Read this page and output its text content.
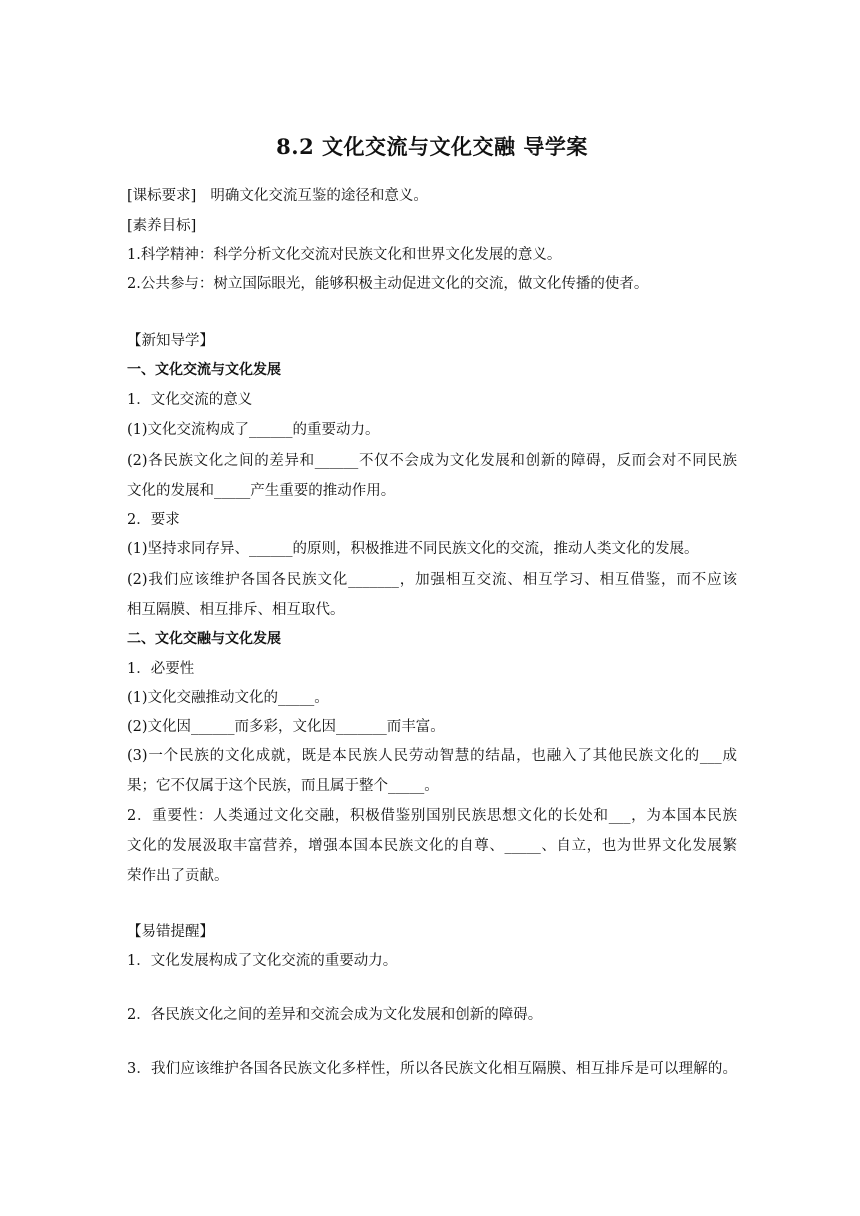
8.2 文化交流与文化交融 导学案
[课标要求] 明确文化交流互鉴的途径和意义。
[素养目标]
1.科学精神：科学分析文化交流对民族文化和世界文化发展的意义。
2.公共参与：树立国际眼光，能够积极主动促进文化的交流，做文化传播的使者。
【新知导学】
一、文化交流与文化发展
1．文化交流的意义
(1)文化交流构成了______的重要动力。
(2)各民族文化之间的差异和______不仅不会成为文化发展和创新的障碍，反而会对不同民族
文化的发展和_____产生重要的推动作用。
2．要求
(1)坚持求同存异、______的原则，积极推进不同民族文化的交流，推动人类文化的发展。
(2)我们应该维护各国各民族文化_______，加强相互交流、相互学习、相互借鉴，而不应该
相互隔膜、相互排斥、相互取代。
二、文化交融与文化发展
1．必要性
(1)文化交融推动文化的_____。
(2)文化因______而多彩，文化因_______而丰富。
(3)一个民族的文化成就，既是本民族人民劳动智慧的结晶，也融入了其他民族文化的___成
果；它不仅属于这个民族，而且属于整个_____。
2．重要性：人类通过文化交融，积极借鉴别国别民族思想文化的长处和___，为本国本民族
文化的发展汲取丰富营养，增强本国本民族文化的自尊、_____、自立，也为世界文化发展繁
荣作出了贡献。
【易错提醒】
1．文化发展构成了文化交流的重要动力。
2．各民族文化之间的差异和交流会成为文化发展和创新的障碍。
3．我们应该维护各国各民族文化多样性，所以各民族文化相互隔膜、相互排斥是可以理解的。
